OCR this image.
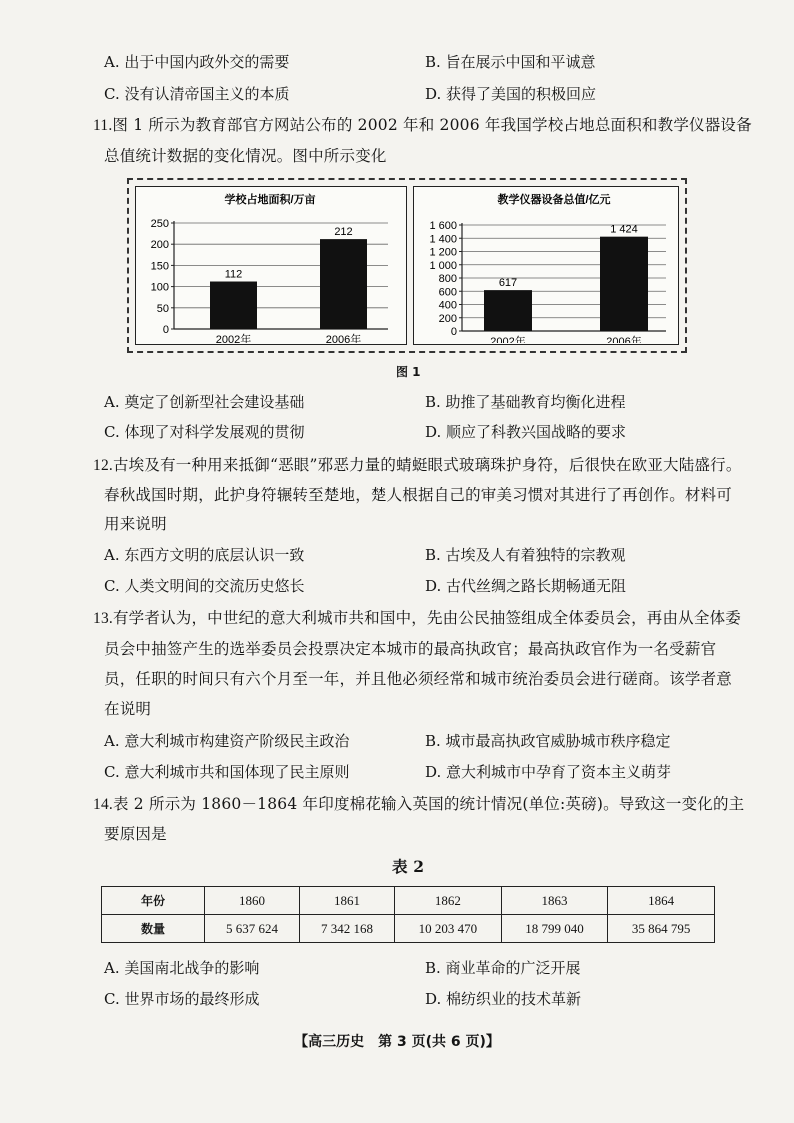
A. 出于中国内政外交的需要	B. 旨在展示中国和平诚意
C. 没有认清帝国主义的本质	D. 获得了美国的积极回应
11.图 1 所示为教育部官方网站公布的 2002 年和 2006 年我国学校占地总面积和教学仪器设备
总值统计数据的变化情况。图中所示变化
学校占地面积/万亩
250
200
150
100
50
0
112
2002年
212
2006年
教学仪器设备总值/亿元
1 600
1 400
1 200
1 000
800
600
400
200
0
617
2002年
1 424
2006年
图 1
A. 奠定了创新型社会建设基础	B. 助推了基础教育均衡化进程
C. 体现了对科学发展观的贯彻	D. 顺应了科教兴国战略的要求
12.古埃及有一种用来抵御“恶眼”邪恶力量的蜻蜓眼式玻璃珠护身符，后很快在欧亚大陆盛行。
春秋战国时期，此护身符辗转至楚地，楚人根据自己的审美习惯对其进行了再创作。材料可
用来说明
A. 东西方文明的底层认识一致	B. 古埃及人有着独特的宗教观
C. 人类文明间的交流历史悠长	D. 古代丝绸之路长期畅通无阻
13.有学者认为，中世纪的意大利城市共和国中，先由公民抽签组成全体委员会，再由从全体委
员会中抽签产生的选举委员会投票决定本城市的最高执政官；最高执政官作为一名受薪官
员，任职的时间只有六个月至一年，并且他必须经常和城市统治委员会进行磋商。该学者意
在说明
A. 意大利城市构建资产阶级民主政治	B. 城市最高执政官威胁城市秩序稳定
C. 意大利城市共和国体现了民主原则	D. 意大利城市中孕育了资本主义萌芽
14.表 2 所示为 1860－1864 年印度棉花输入英国的统计情况(单位:英磅)。导致这一变化的主
要原因是
表 2
年份	1860	1861	1862	1863	1864
数量	5 637 624	7 342 168	10 203 470	18 799 040	35 864 795
A. 美国南北战争的影响	B. 商业革命的广泛开展
C. 世界市场的最终形成	D. 棉纺织业的技术革新
【高三历史　第 3 页(共 6 页)】
